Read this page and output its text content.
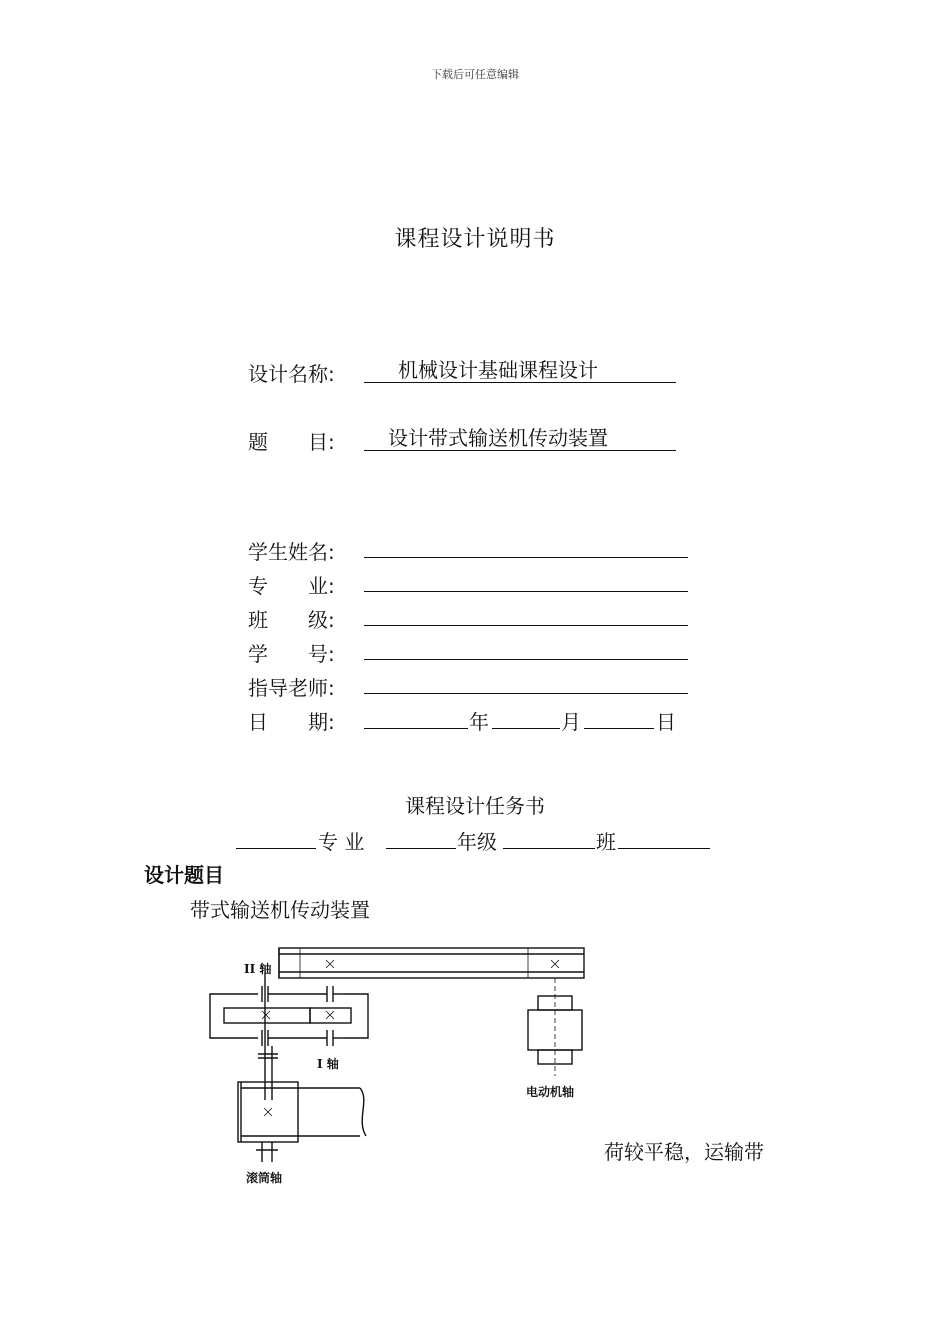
下载后可任意编辑
课程设计说明书
设计名称:	机械设计基础课程设计
题　　目:	设计带式输送机传动装置
学生姓名:
专　　业:
班　　级:
学　　号:
指导老师:
日　　期:	年	月	日
课程设计任务书
专 业	年级	班
设计题目
带式输送机传动装置
II 轴
I 轴
电动机轴
滚筒轴
荷较平稳，运输带
